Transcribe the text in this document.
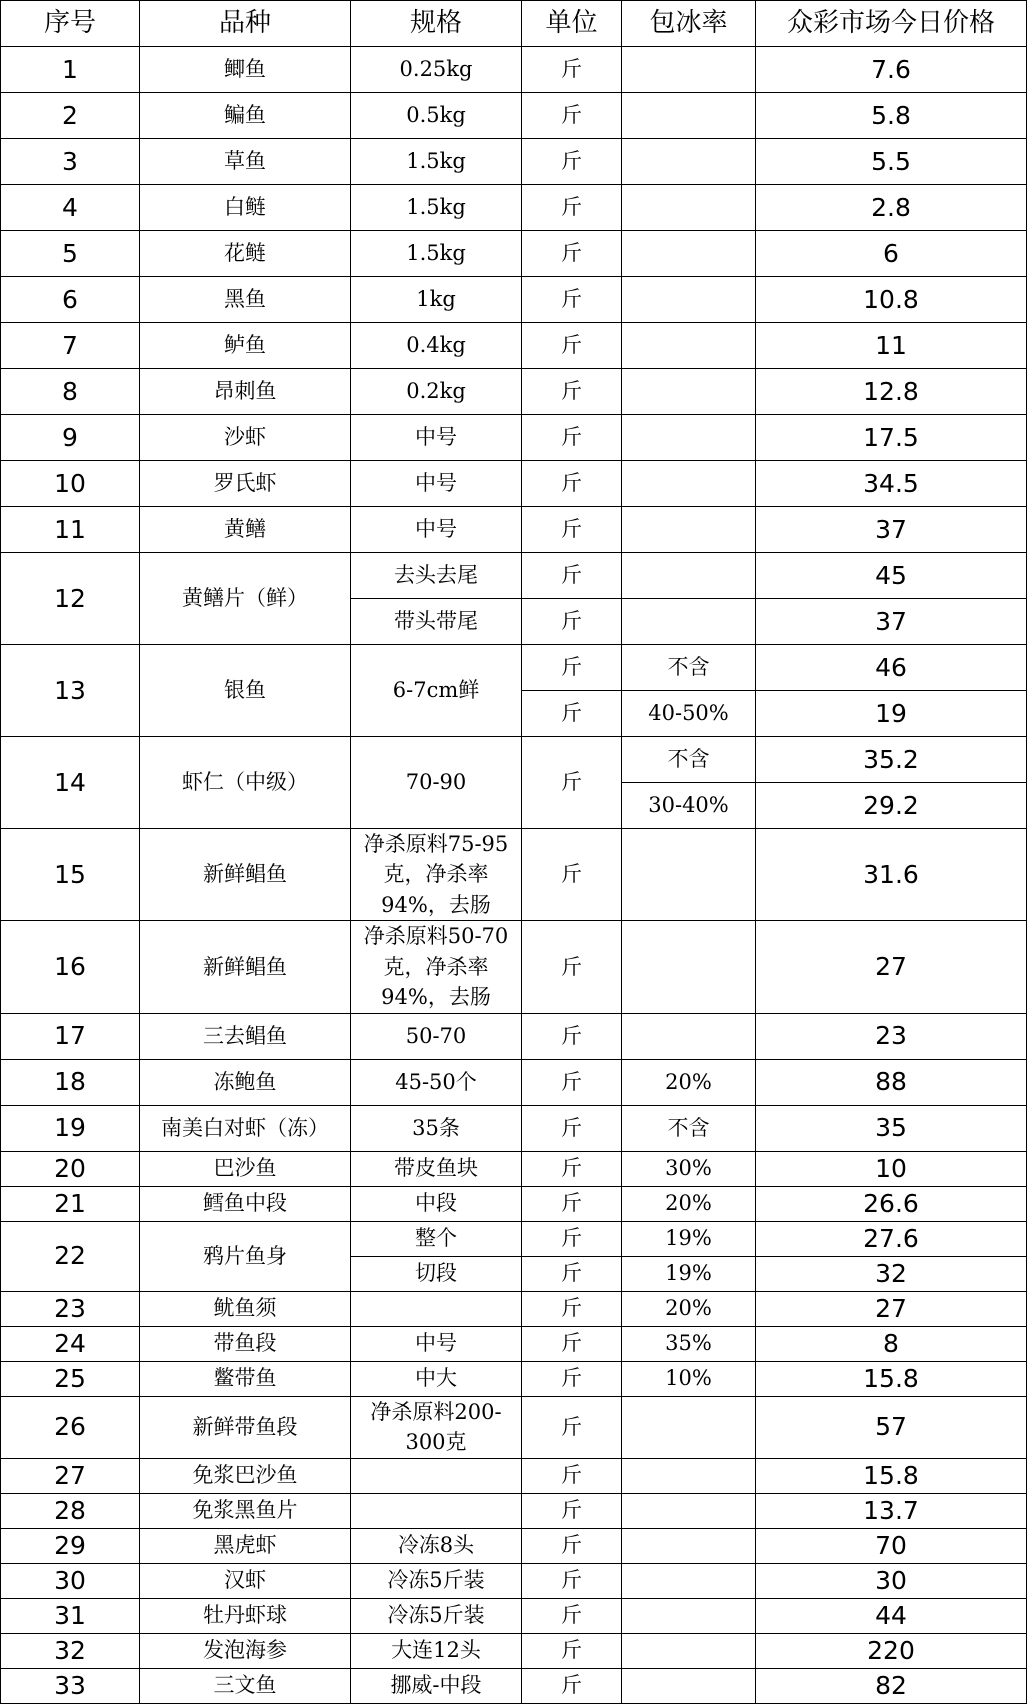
序号	品种	规格	单位	包冰率	众彩市场今日价格
1	鲫鱼	0.25kg	斤		7.6
2	鳊鱼	0.5kg	斤		5.8
3	草鱼	1.5kg	斤		5.5
4	白鲢	1.5kg	斤		2.8
5	花鲢	1.5kg	斤		6
6	黑鱼	1kg	斤		10.8
7	鲈鱼	0.4kg	斤		11
8	昂刺鱼	0.2kg	斤		12.8
9	沙虾	中号	斤		17.5
10	罗氏虾	中号	斤		34.5
11	黄鳝	中号	斤		37
12	黄鳝片（鲜）	去头去尾	斤		45
		带头带尾	斤		37
13	银鱼	6-7cm鲜	斤	不含	46
			斤	40-50%	19
14	虾仁（中级）	70-90	斤	不含	35.2
				30-40%	29.2
15	新鲜鲳鱼	净杀原料75-95克，净杀率94%，去肠	斤		31.6
16	新鲜鲳鱼	净杀原料50-70克，净杀率94%，去肠	斤		27
17	三去鲳鱼	50-70	斤		23
18	冻鲍鱼	45-50个	斤	20%	88
19	南美白对虾（冻）	35条	斤	不含	35
20	巴沙鱼	带皮鱼块	斤	30%	10
21	鳕鱼中段	中段	斤	20%	26.6
22	鸦片鱼身	整个	斤	19%	27.6
		切段	斤	19%	32
23	鱿鱼须		斤	20%	27
24	带鱼段	中号	斤	35%	8
25	鳖带鱼	中大	斤	10%	15.8
26	新鲜带鱼段	净杀原料200-300克	斤		57
27	免浆巴沙鱼		斤		15.8
28	免浆黑鱼片		斤		13.7
29	黑虎虾	冷冻8头	斤		70
30	汉虾	冷冻5斤装	斤		30
31	牡丹虾球	冷冻5斤装	斤		44
32	发泡海参	大连12头	斤		220
33	三文鱼	挪威-中段	斤		82
